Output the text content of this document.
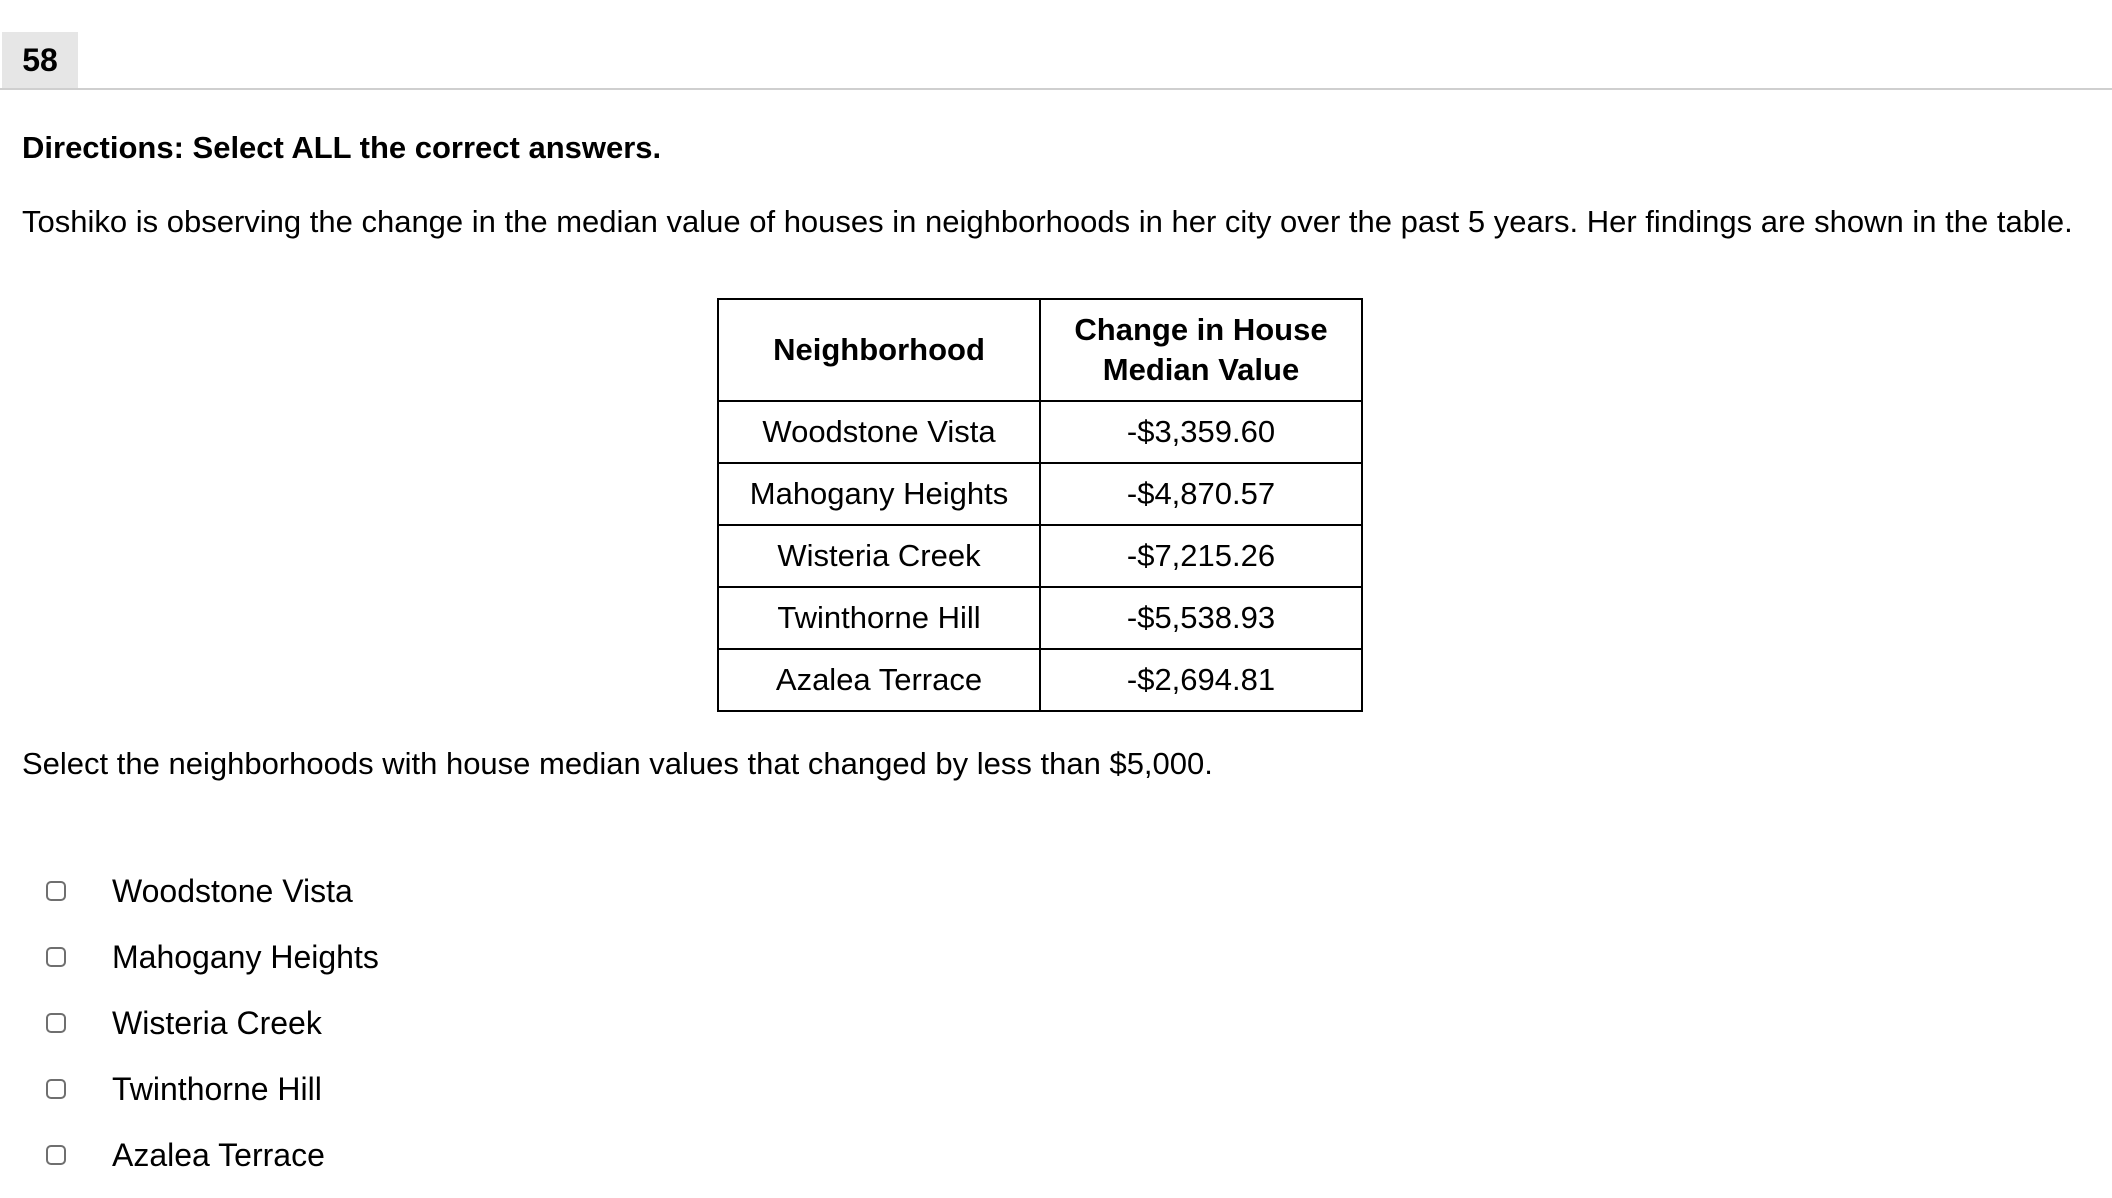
58
Directions: Select ALL the correct answers.
Toshiko is observing the change in the median value of houses in neighborhoods in her city over the past 5 years. Her findings are shown in the table.
Neighborhood	Change in House
Median Value
Woodstone Vista	-$3,359.60
Mahogany Heights	-$4,870.57
Wisteria Creek	-$7,215.26
Twinthorne Hill	-$5,538.93
Azalea Terrace	-$2,694.81
Select the neighborhoods with house median values that changed by less than $5,000.
Woodstone Vista
Mahogany Heights
Wisteria Creek
Twinthorne Hill
Azalea Terrace
